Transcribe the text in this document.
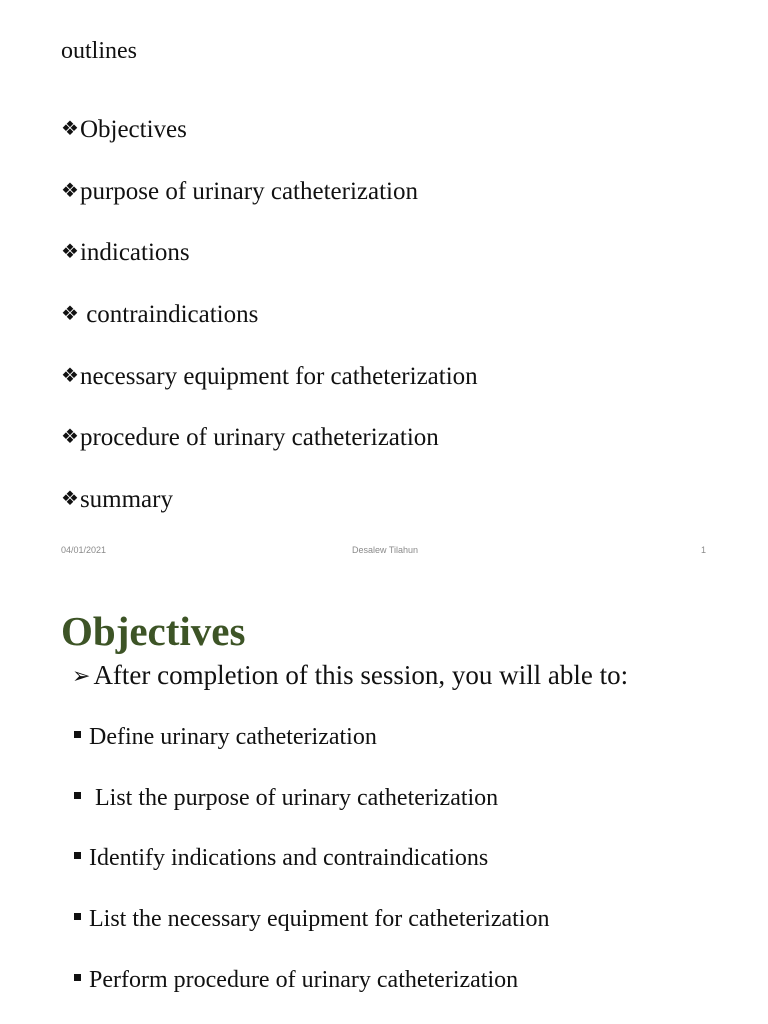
outlines
❖Objectives
❖purpose of urinary catheterization
❖indications
❖ contraindications
❖necessary equipment for catheterization
❖procedure of urinary catheterization
❖summary
04/01/2021	Desalew Tilahun	1
Objectives
➢ After completion of this session, you will able to:
Define urinary catheterization
List the purpose of urinary catheterization
Identify indications and contraindications
List the necessary equipment for catheterization
Perform procedure of urinary catheterization
